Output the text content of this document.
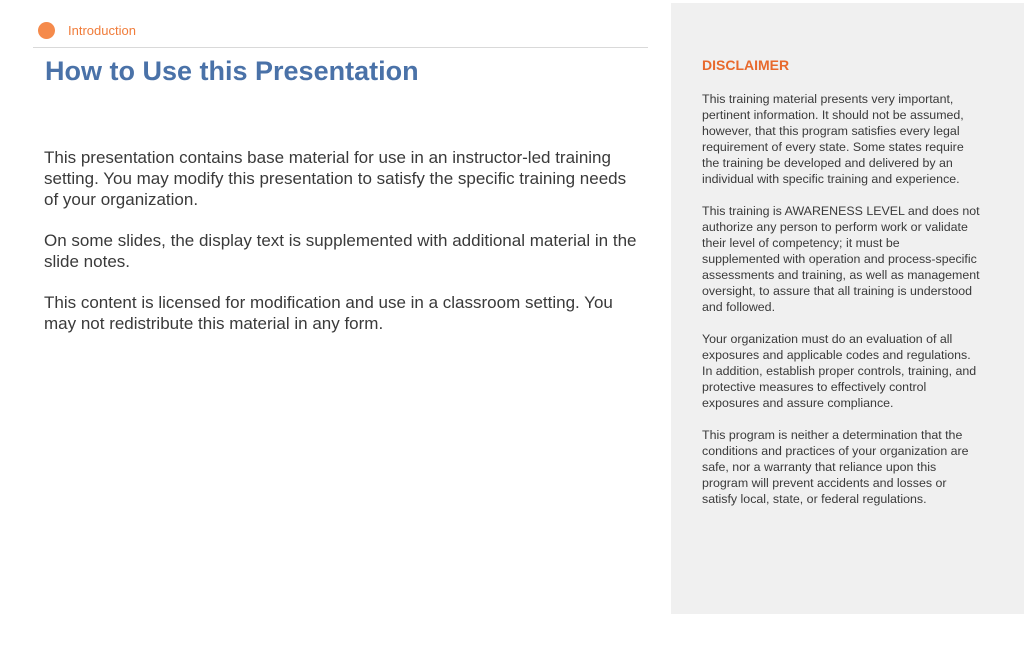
Introduction
How to Use this Presentation

This presentation contains base material for use in an instructor-led training setting. You may modify this presentation to satisfy the specific training needs of your organization.

On some slides, the display text is supplemented with additional material in the slide notes.

This content is licensed for modification and use in a classroom setting. You may not redistribute this material in any form.

DISCLAIMER

This training material presents very important, pertinent information. It should not be assumed, however, that this program satisfies every legal requirement of every state. Some states require the training be developed and delivered by an individual with specific training and experience.

This training is AWARENESS LEVEL and does not authorize any person to perform work or validate their level of competency; it must be supplemented with operation and process-specific assessments and training, as well as management oversight, to assure that all training is understood and followed.

Your organization must do an evaluation of all exposures and applicable codes and regulations. In addition, establish proper controls, training, and protective measures to effectively control exposures and assure compliance.

This program is neither a determination that the conditions and practices of your organization are safe, nor a warranty that reliance upon this program will prevent accidents and losses or satisfy local, state, or federal regulations.
